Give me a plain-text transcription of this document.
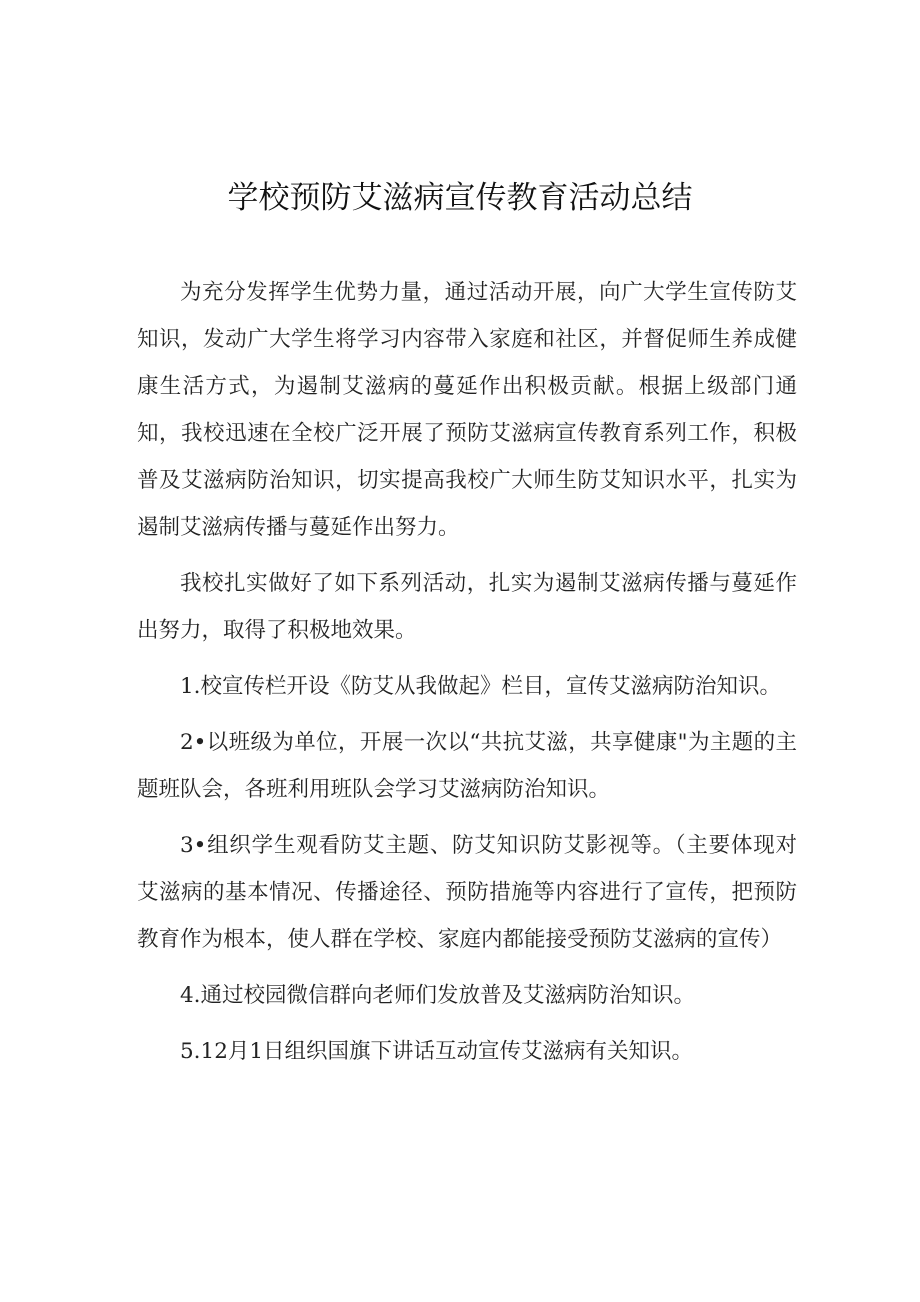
学校预防艾滋病宣传教育活动总结

为充分发挥学生优势力量，通过活动开展，向广大学生宣传防艾知识，发动广大学生将学习内容带入家庭和社区，并督促师生养成健康生活方式，为遏制艾滋病的蔓延作出积极贡献。根据上级部门通知，我校迅速在全校广泛开展了预防艾滋病宣传教育系列工作，积极普及艾滋病防治知识，切实提高我校广大师生防艾知识水平，扎实为遏制艾滋病传播与蔓延作出努力。

我校扎实做好了如下系列活动，扎实为遏制艾滋病传播与蔓延作出努力，取得了积极地效果。

1.校宣传栏开设《防艾从我做起》栏目，宣传艾滋病防治知识。

2•以班级为单位，开展一次以“共抗艾滋，共享健康"为主题的主题班队会，各班利用班队会学习艾滋病防治知识。

3•组织学生观看防艾主题、防艾知识防艾影视等。（主要体现对艾滋病的基本情况、传播途径、预防措施等内容进行了宣传，把预防教育作为根本，使人群在学校、家庭内都能接受预防艾滋病的宣传）

4.通过校园微信群向老师们发放普及艾滋病防治知识。

5.12月1日组织国旗下讲话互动宣传艾滋病有关知识。
